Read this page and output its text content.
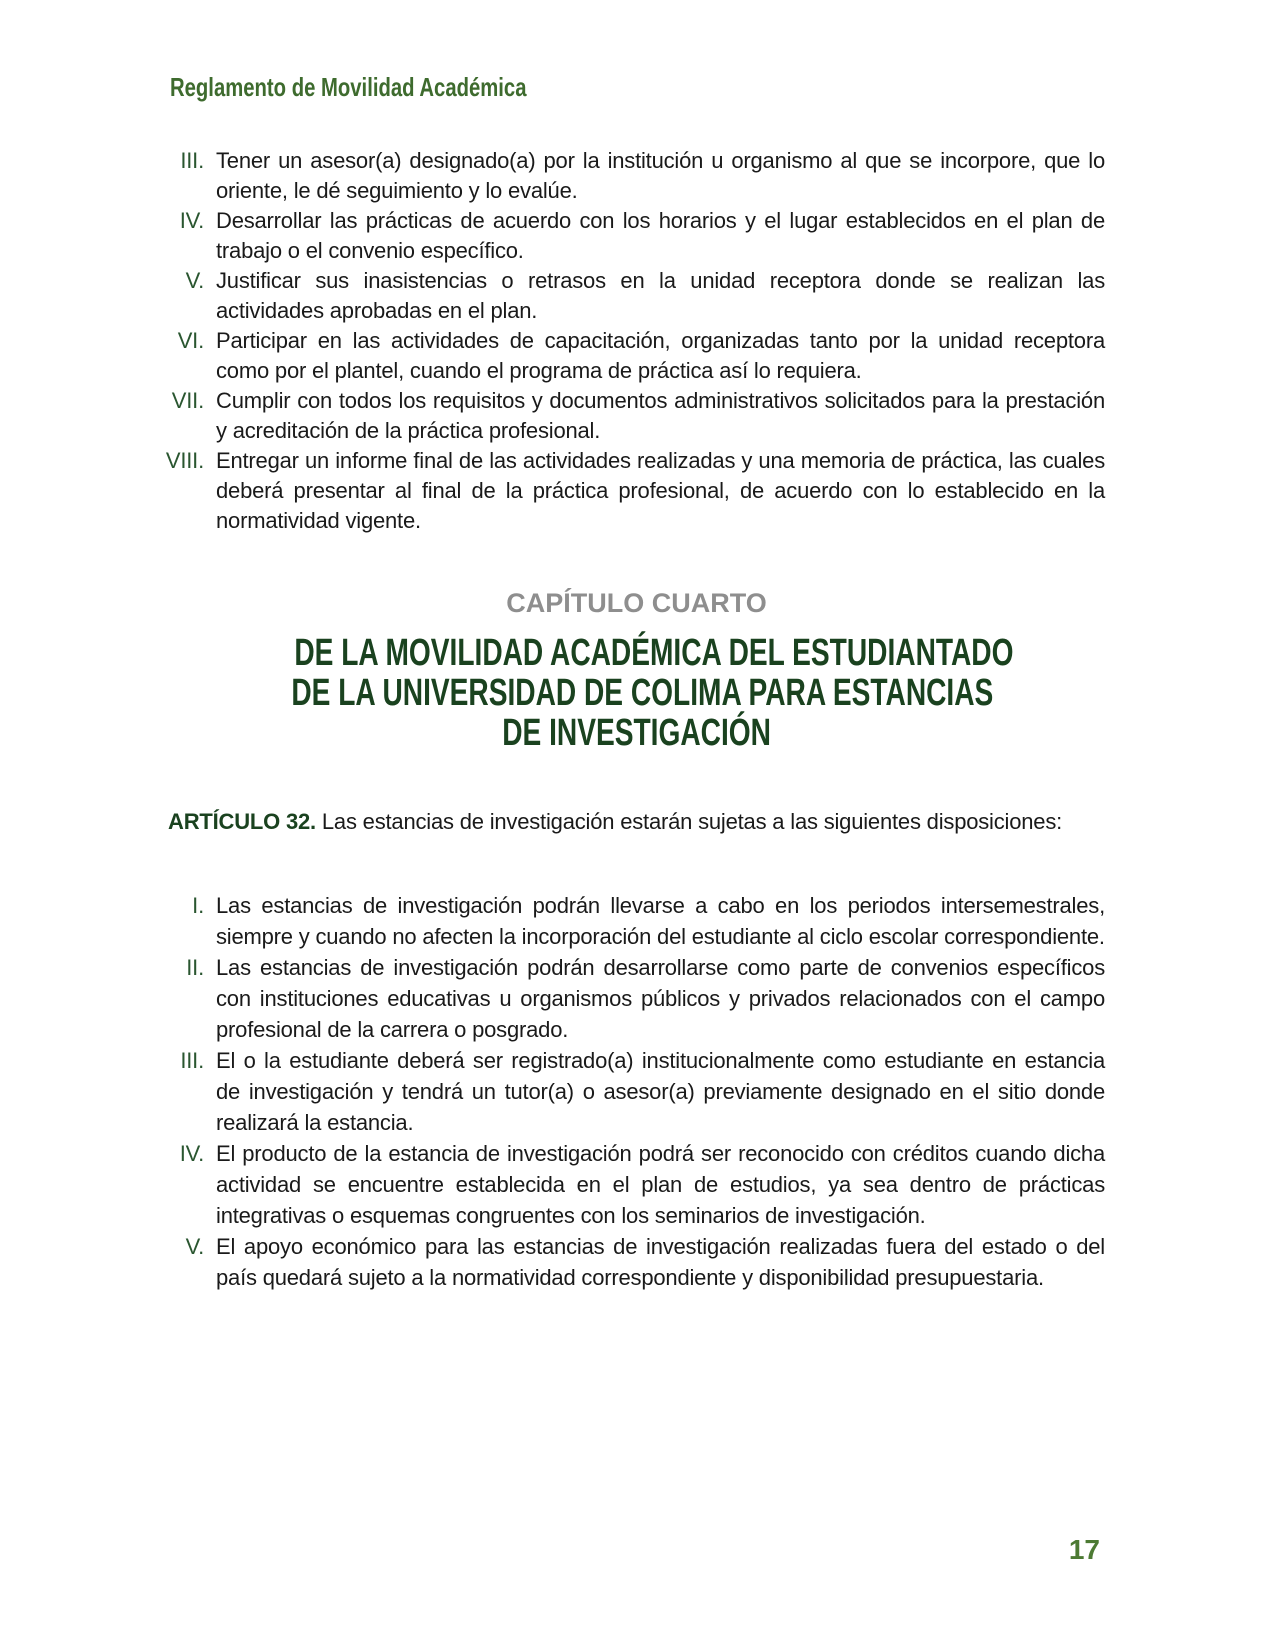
Reglamento de Movilidad Académica
III. Tener un asesor(a) designado(a) por la institución u organismo al que se incorpore, que lo oriente, le dé seguimiento y lo evalúe.
IV. Desarrollar las prácticas de acuerdo con los horarios y el lugar establecidos en el plan de trabajo o el convenio específico.
V. Justificar sus inasistencias o retrasos en la unidad receptora donde se realizan las actividades aprobadas en el plan.
VI. Participar en las actividades de capacitación, organizadas tanto por la unidad receptora como por el plantel, cuando el programa de práctica así lo requiera.
VII. Cumplir con todos los requisitos y documentos administrativos solicitados para la prestación y acreditación de la práctica profesional.
VIII. Entregar un informe final de las actividades realizadas y una memoria de práctica, las cuales deberá presentar al final de la práctica profesional, de acuerdo con lo establecido en la normatividad vigente.
CAPÍTULO CUARTO
DE LA MOVILIDAD ACADÉMICA DEL ESTUDIANTADO
DE LA UNIVERSIDAD DE COLIMA PARA ESTANCIAS
DE INVESTIGACIÓN

ARTÍCULO 32. Las estancias de investigación estarán sujetas a las siguientes disposiciones:

I. Las estancias de investigación podrán llevarse a cabo en los periodos intersemestrales, siempre y cuando no afecten la incorporación del estudiante al ciclo escolar correspondiente.
II. Las estancias de investigación podrán desarrollarse como parte de convenios específicos con instituciones educativas u organismos públicos y privados relacionados con el campo profesional de la carrera o posgrado.
III. El o la estudiante deberá ser registrado(a) institucionalmente como estudiante en estancia de investigación y tendrá un tutor(a) o asesor(a) previamente designado en el sitio donde realizará la estancia.
IV. El producto de la estancia de investigación podrá ser reconocido con créditos cuando dicha actividad se encuentre establecida en el plan de estudios, ya sea dentro de prácticas integrativas o esquemas congruentes con los seminarios de investigación.
V. El apoyo económico para las estancias de investigación realizadas fuera del estado o del país quedará sujeto a la normatividad correspondiente y disponibilidad presupuestaria.
17
